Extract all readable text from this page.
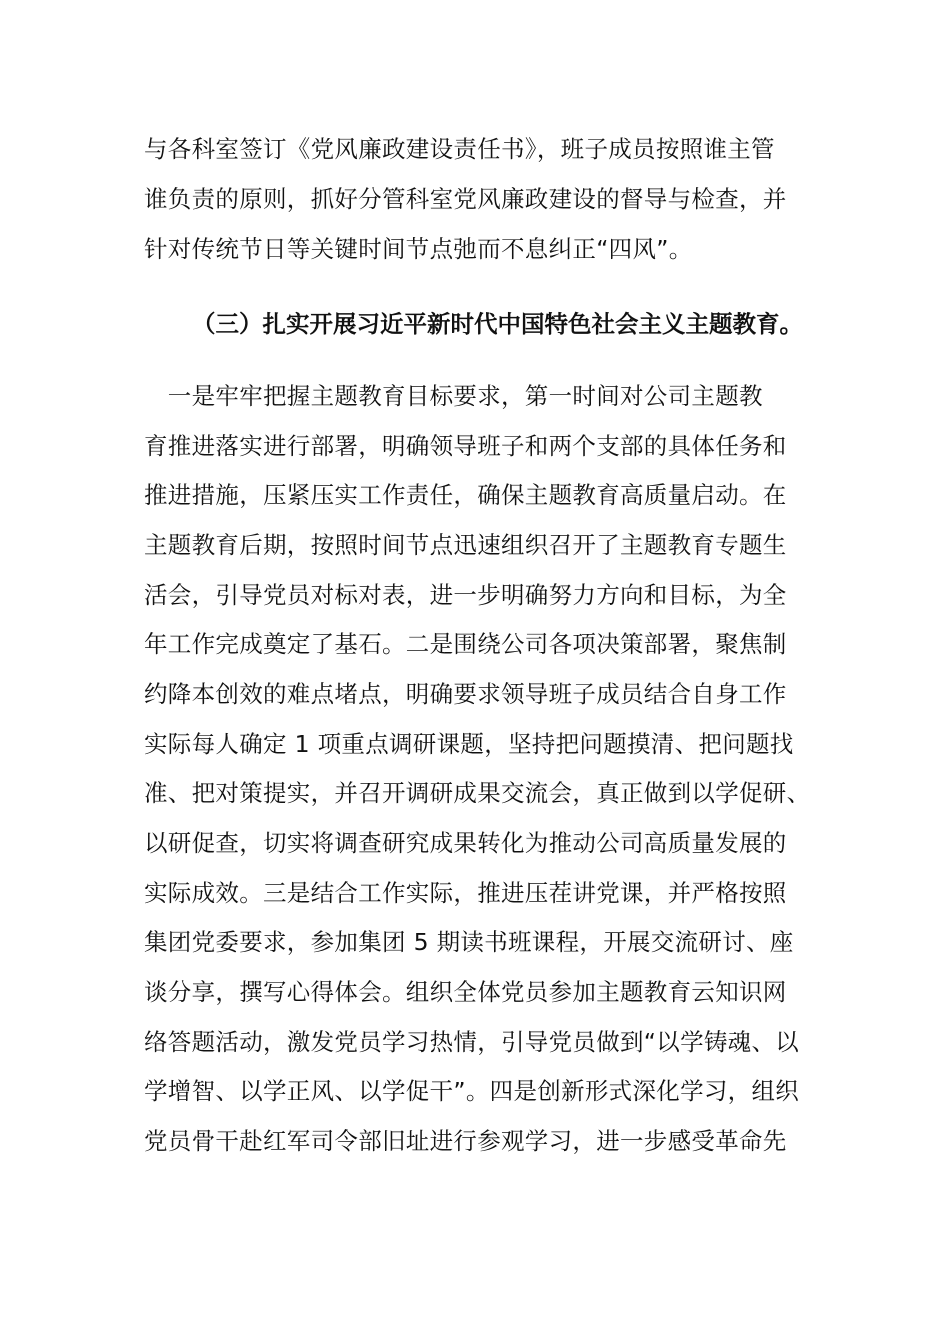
与各科室签订《党风廉政建设责任书》，班子成员按照谁主管
谁负责的原则，抓好分管科室党风廉政建设的督导与检查，并
针对传统节日等关键时间节点弛而不息纠正“四风”。
（三）扎实开展习近平新时代中国特色社会主义主题教育。
　一是牢牢把握主题教育目标要求，第一时间对公司主题教
育推进落实进行部署，明确领导班子和两个支部的具体任务和
推进措施，压紧压实工作责任，确保主题教育高质量启动。在
主题教育后期，按照时间节点迅速组织召开了主题教育专题生
活会，引导党员对标对表，进一步明确努力方向和目标，为全
年工作完成奠定了基石。二是围绕公司各项决策部署，聚焦制
约降本创效的难点堵点，明确要求领导班子成员结合自身工作
实际每人确定 1 项重点调研课题，坚持把问题摸清、把问题找
准、把对策提实，并召开调研成果交流会，真正做到以学促研、
以研促查，切实将调查研究成果转化为推动公司高质量发展的
实际成效。三是结合工作实际，推进压茬讲党课，并严格按照
集团党委要求，参加集团 5 期读书班课程，开展交流研讨、座
谈分享，撰写心得体会。组织全体党员参加主题教育云知识网
络答题活动，激发党员学习热情，引导党员做到“以学铸魂、以
学增智、以学正风、以学促干”。四是创新形式深化学习，组织
党员骨干赴红军司令部旧址进行参观学习，进一步感受革命先
